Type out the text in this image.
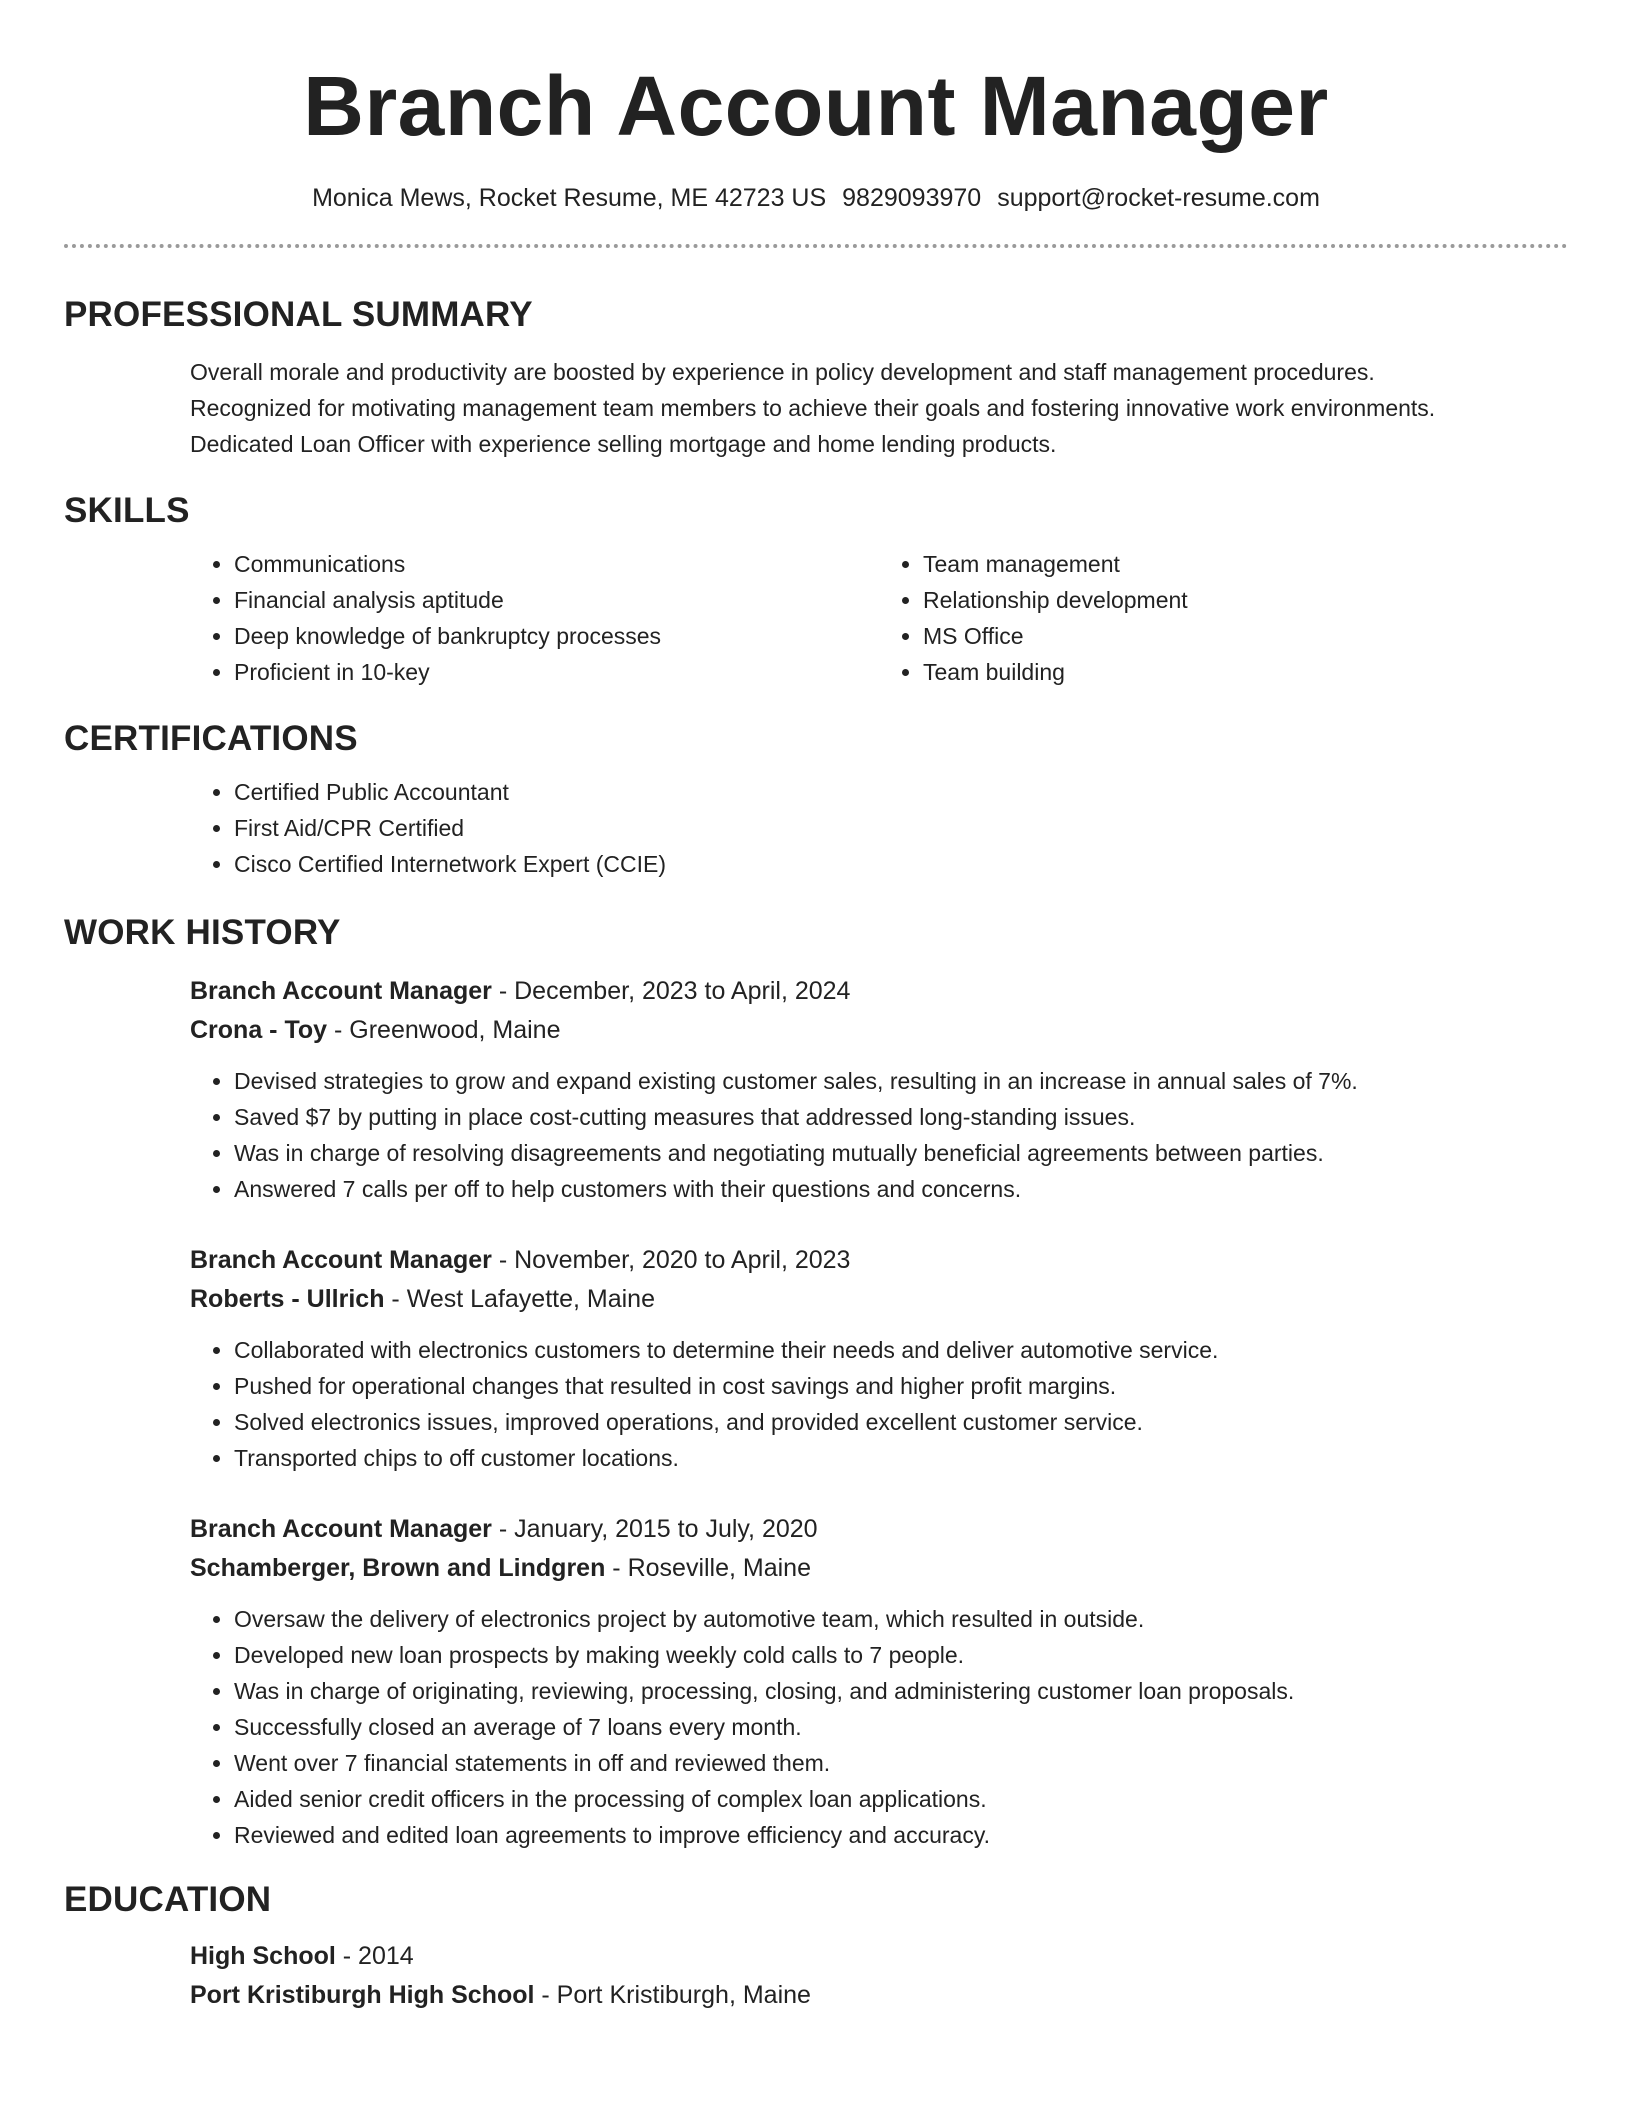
Branch Account Manager
Monica Mews, Rocket Resume, ME 42723 US 9829093970 support@rocket-resume.com
PROFESSIONAL SUMMARY

Overall morale and productivity are boosted by experience in policy development and staff management procedures.
Recognized for motivating management team members to achieve their goals and fostering innovative work environments.
Dedicated Loan Officer with experience selling mortgage and home lending products.

SKILLS
• Communications
• Financial analysis aptitude
• Deep knowledge of bankruptcy processes
• Proficient in 10-key
• Team management
• Relationship development
• MS Office
• Team building
CERTIFICATIONS
• Certified Public Accountant
• First Aid/CPR Certified
• Cisco Certified Internetwork Expert (CCIE)
WORK HISTORY
Branch Account Manager - December, 2023 to April, 2024
Crona - Toy - Greenwood, Maine
• Devised strategies to grow and expand existing customer sales, resulting in an increase in annual sales of 7%.
• Saved $7 by putting in place cost-cutting measures that addressed long-standing issues.
• Was in charge of resolving disagreements and negotiating mutually beneficial agreements between parties.
• Answered 7 calls per off to help customers with their questions and concerns.
Branch Account Manager - November, 2020 to April, 2023
Roberts - Ullrich - West Lafayette, Maine
• Collaborated with electronics customers to determine their needs and deliver automotive service.
• Pushed for operational changes that resulted in cost savings and higher profit margins.
• Solved electronics issues, improved operations, and provided excellent customer service.
• Transported chips to off customer locations.
Branch Account Manager - January, 2015 to July, 2020
Schamberger, Brown and Lindgren - Roseville, Maine
• Oversaw the delivery of electronics project by automotive team, which resulted in outside.
• Developed new loan prospects by making weekly cold calls to 7 people.
• Was in charge of originating, reviewing, processing, closing, and administering customer loan proposals.
• Successfully closed an average of 7 loans every month.
• Went over 7 financial statements in off and reviewed them.
• Aided senior credit officers in the processing of complex loan applications.
• Reviewed and edited loan agreements to improve efficiency and accuracy.
EDUCATION
High School - 2014
Port Kristiburgh High School - Port Kristiburgh, Maine
